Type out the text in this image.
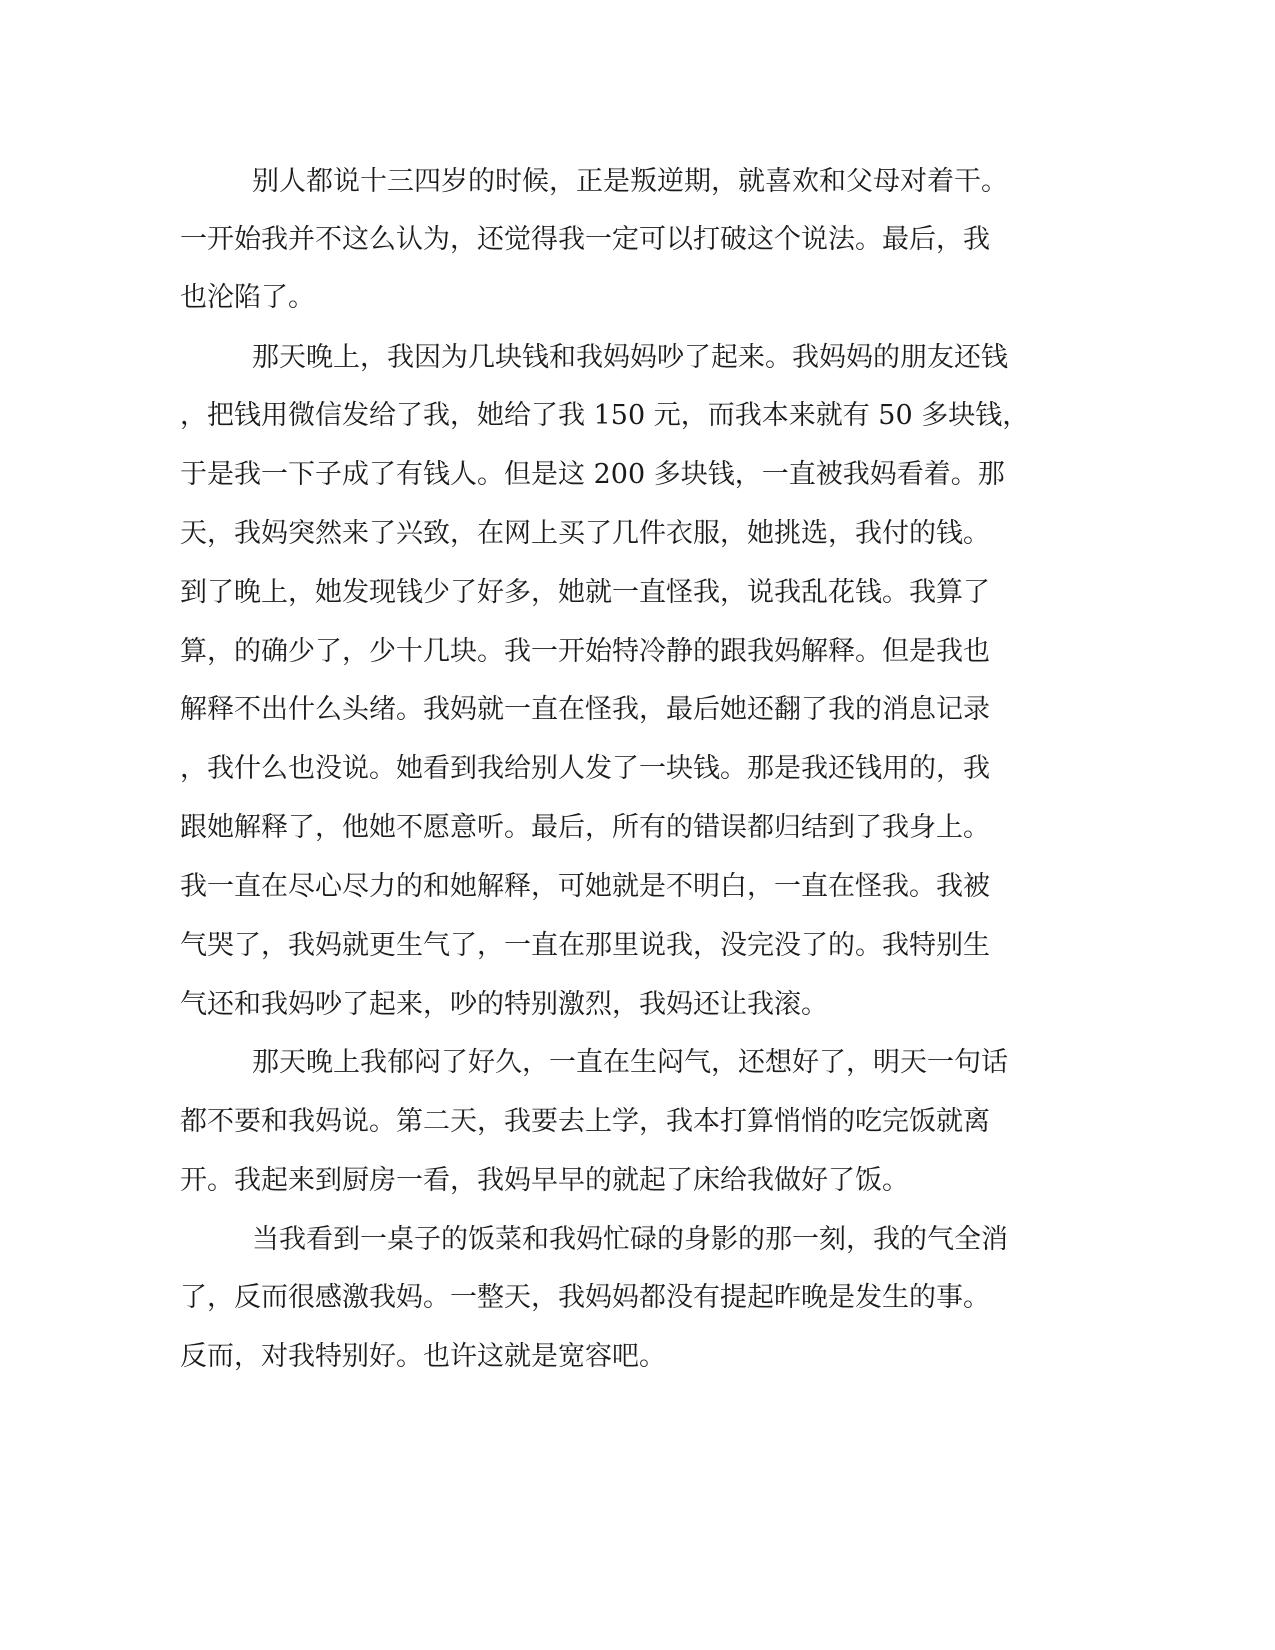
别人都说十三四岁的时候，正是叛逆期，就喜欢和父母对着干。
一开始我并不这么认为，还觉得我一定可以打破这个说法。最后，我
也沦陷了。
那天晚上，我因为几块钱和我妈妈吵了起来。我妈妈的朋友还钱
，把钱用微信发给了我，她给了我 150 元，而我本来就有 50 多块钱，
于是我一下子成了有钱人。但是这 200 多块钱，一直被我妈看着。那
天，我妈突然来了兴致，在网上买了几件衣服，她挑选，我付的钱。
到了晚上，她发现钱少了好多，她就一直怪我，说我乱花钱。我算了
算，的确少了，少十几块。我一开始特冷静的跟我妈解释。但是我也
解释不出什么头绪。我妈就一直在怪我，最后她还翻了我的消息记录
，我什么也没说。她看到我给别人发了一块钱。那是我还钱用的，我
跟她解释了，他她不愿意听。最后，所有的错误都归结到了我身上。
我一直在尽心尽力的和她解释，可她就是不明白，一直在怪我。我被
气哭了，我妈就更生气了，一直在那里说我，没完没了的。我特别生
气还和我妈吵了起来，吵的特别激烈，我妈还让我滚。
那天晚上我郁闷了好久，一直在生闷气，还想好了，明天一句话
都不要和我妈说。第二天，我要去上学，我本打算悄悄的吃完饭就离
开。我起来到厨房一看，我妈早早的就起了床给我做好了饭。
当我看到一桌子的饭菜和我妈忙碌的身影的那一刻，我的气全消
了，反而很感激我妈。一整天，我妈妈都没有提起昨晚是发生的事。
反而，对我特别好。也许这就是宽容吧。
